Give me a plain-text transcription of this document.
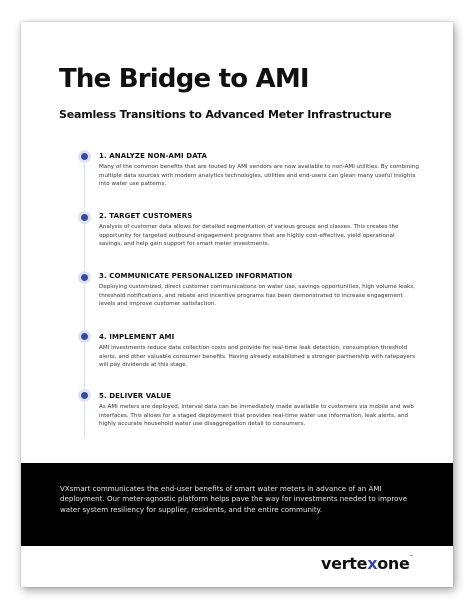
The Bridge to AMI
Seamless Transitions to Advanced Meter Infrastructure

1. ANALYZE NON-AMI DATA

Many of the common benefits that are touted by AMI vendors are now available to non-AMI utilities. By combining multiple data sources with modern analytics technologies, utilities and end-users can glean many useful insights into water use patterns.

2. TARGET CUSTOMERS

Analysis of customer data allows for detailed segmentation of various groups and classes. This creates the opportunity for targeted outbound engagement programs that are highly cost-effective, yield operational savings, and help gain support for smart meter investments.

3. COMMUNICATE PERSONALIZED INFORMATION

Deploying customized, direct customer communications on water use, savings opportunities, high volume leaks, threshold notifications, and rebate and incentive programs has been demonstrated to increase engagement levels and improve customer satisfaction.

4. IMPLEMENT AMI

AMI investments reduce data collection costs and provide for real-time leak detection, consumption threshold alerts, and other valuable consumer benefits. Having already established a stronger partnership with ratepayers will pay dividends at this stage.

5. DELIVER VALUE

As AMI meters are deployed, interval data can be immediately made available to customers via mobile and web interfaces. This allows for a staged deployment that provides real-time water use information, leak alerts, and highly accurate household water use disaggregation detail to consumers.

VXsmart communicates the end-user benefits of smart water meters in advance of an AMI deployment. Our meter-agnostic platform helps pave the way for investments needed to improve water system resiliency for supplier, residents, and the entire community.

vertexone™
